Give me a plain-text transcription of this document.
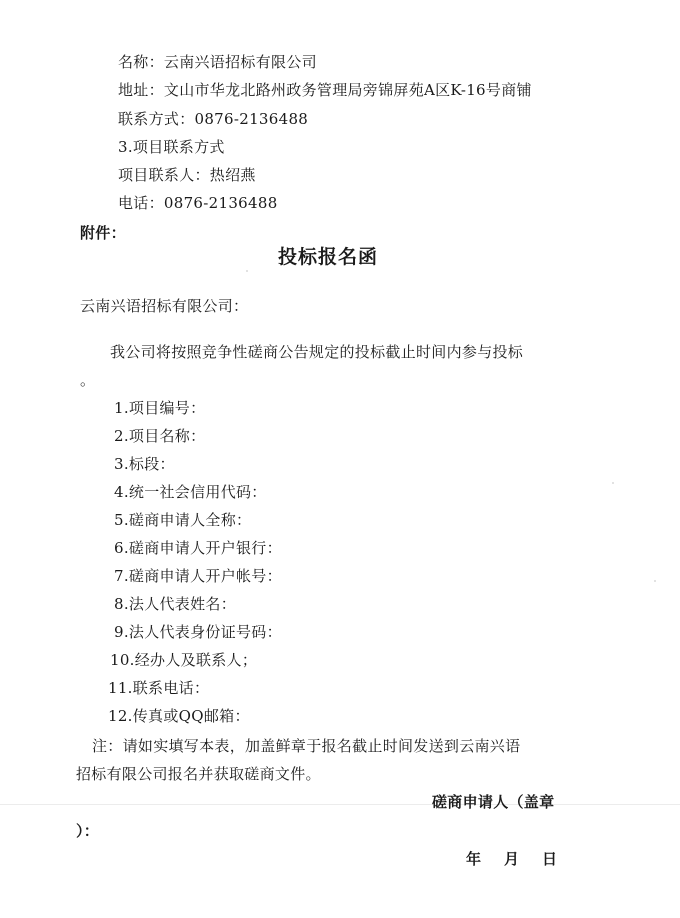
名称：云南兴语招标有限公司
地址：文山市华龙北路州政务管理局旁锦屏苑A区K-16号商铺
联系方式：0876-2136488
3.项目联系方式
项目联系人：热绍燕
电话：0876-2136488
附件：
投标报名函
云南兴语招标有限公司：
我公司将按照竞争性磋商公告规定的投标截止时间内参与投标
。
1.项目编号：
2.项目名称：
3.标段：
4.统一社会信用代码：
5.磋商申请人全称：
6.磋商申请人开户银行：
7.磋商申请人开户帐号：
8.法人代表姓名：
9.法人代表身份证号码：
10.经办人及联系人；
11.联系电话：
12.传真或QQ邮箱：
注：请如实填写本表，加盖鲜章于报名截止时间发送到云南兴语
招标有限公司报名并获取磋商文件。
磋商申请人（盖章
）：
年　月　日
